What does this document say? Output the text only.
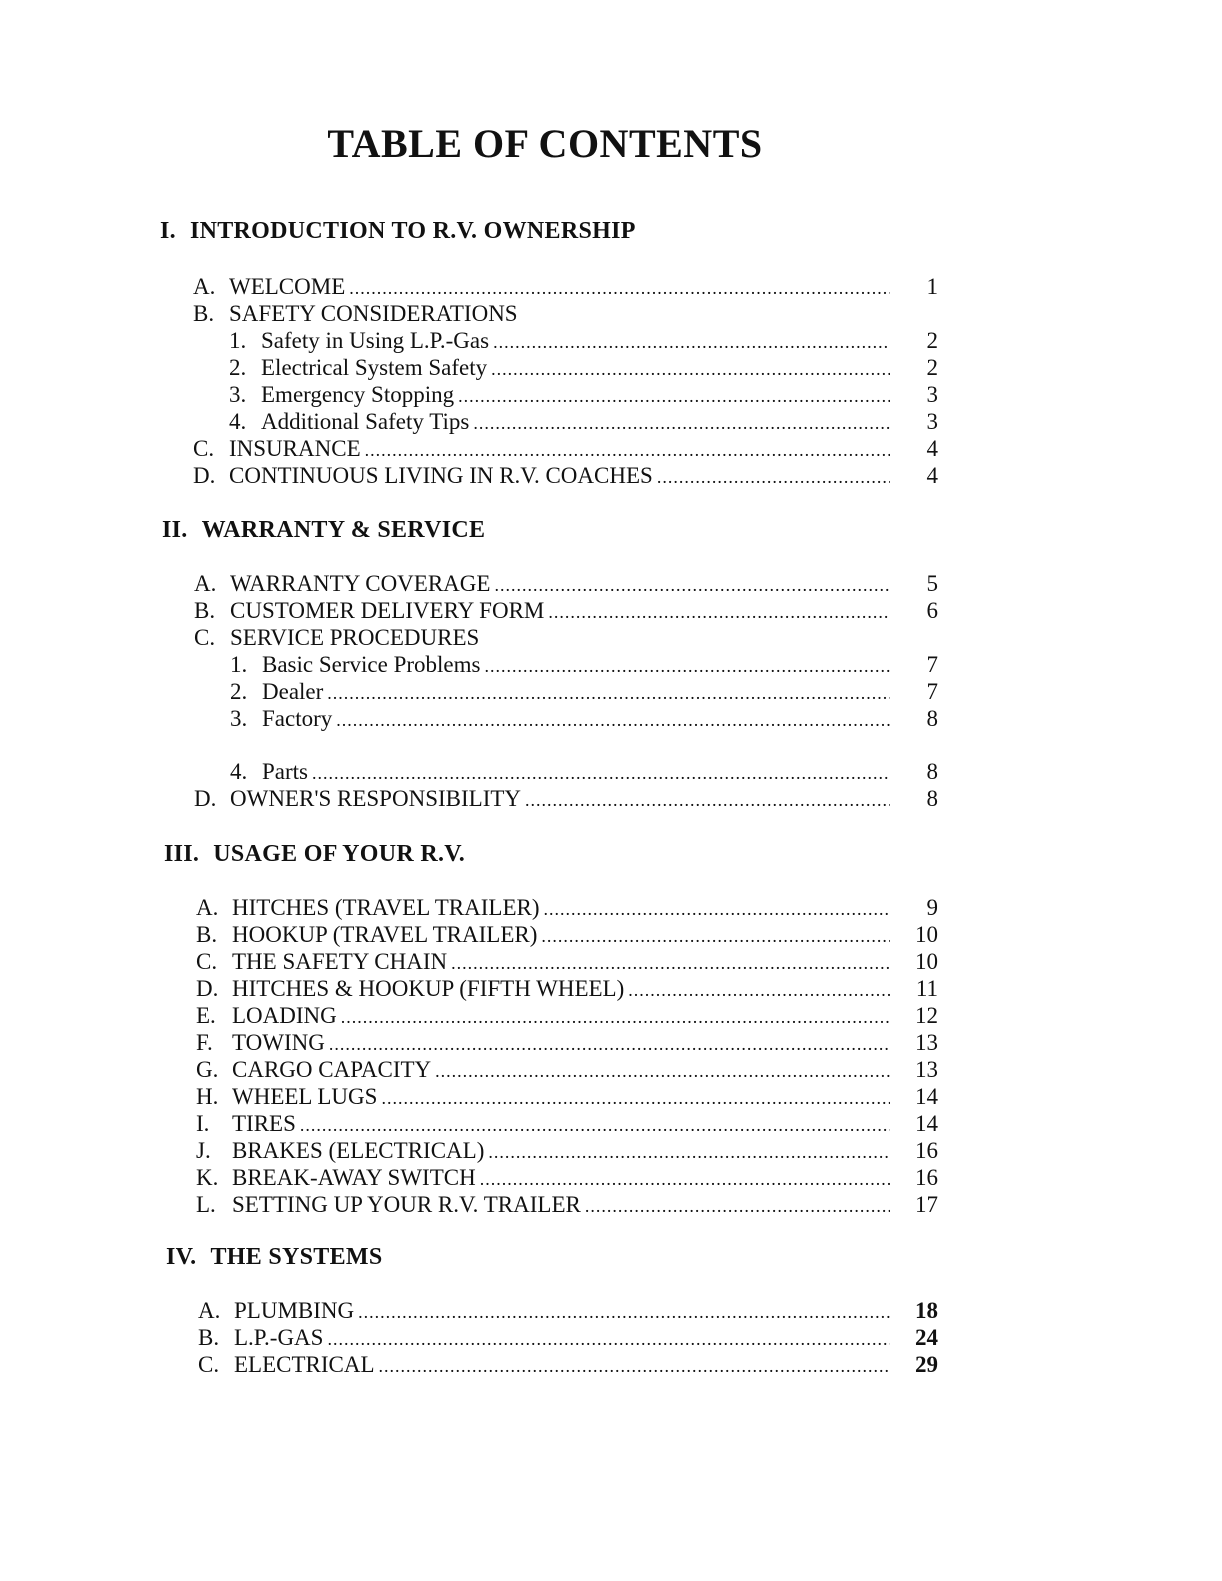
TABLE OF CONTENTS
I. INTRODUCTION TO R.V. OWNERSHIP
A. WELCOME .....	1
B. SAFETY CONSIDERATIONS
1. Safety in Using L.P.-Gas .....	2
2. Electrical System Safety .....	2
3. Emergency Stopping .....	3
4. Additional Safety Tips .....	3
C. INSURANCE .....	4
D. CONTINUOUS LIVING IN R.V. COACHES .....	4
II. WARRANTY & SERVICE
A. WARRANTY COVERAGE .....	5
B. CUSTOMER DELIVERY FORM .....	6
C. SERVICE PROCEDURES
1. Basic Service Problems .....	7
2. Dealer .....	7
3. Factory .....	8
4. Parts .....	8
D. OWNER'S RESPONSIBILITY .....	8
III. USAGE OF YOUR R.V.
A. HITCHES (TRAVEL TRAILER) .....	9
B. HOOKUP (TRAVEL TRAILER) .....	10
C. THE SAFETY CHAIN .....	10
D. HITCHES & HOOKUP (FIFTH WHEEL) .....	11
E. LOADING .....	12
F. TOWING .....	13
G. CARGO CAPACITY .....	13
H. WHEEL LUGS .....	14
I. TIRES .....	14
J. BRAKES (ELECTRICAL) .....	16
K. BREAK-AWAY SWITCH .....	16
L. SETTING UP YOUR R.V. TRAILER .....	17
IV. THE SYSTEMS
A. PLUMBING .....	18
B. L.P.-GAS .....	24
C. ELECTRICAL .....	29
